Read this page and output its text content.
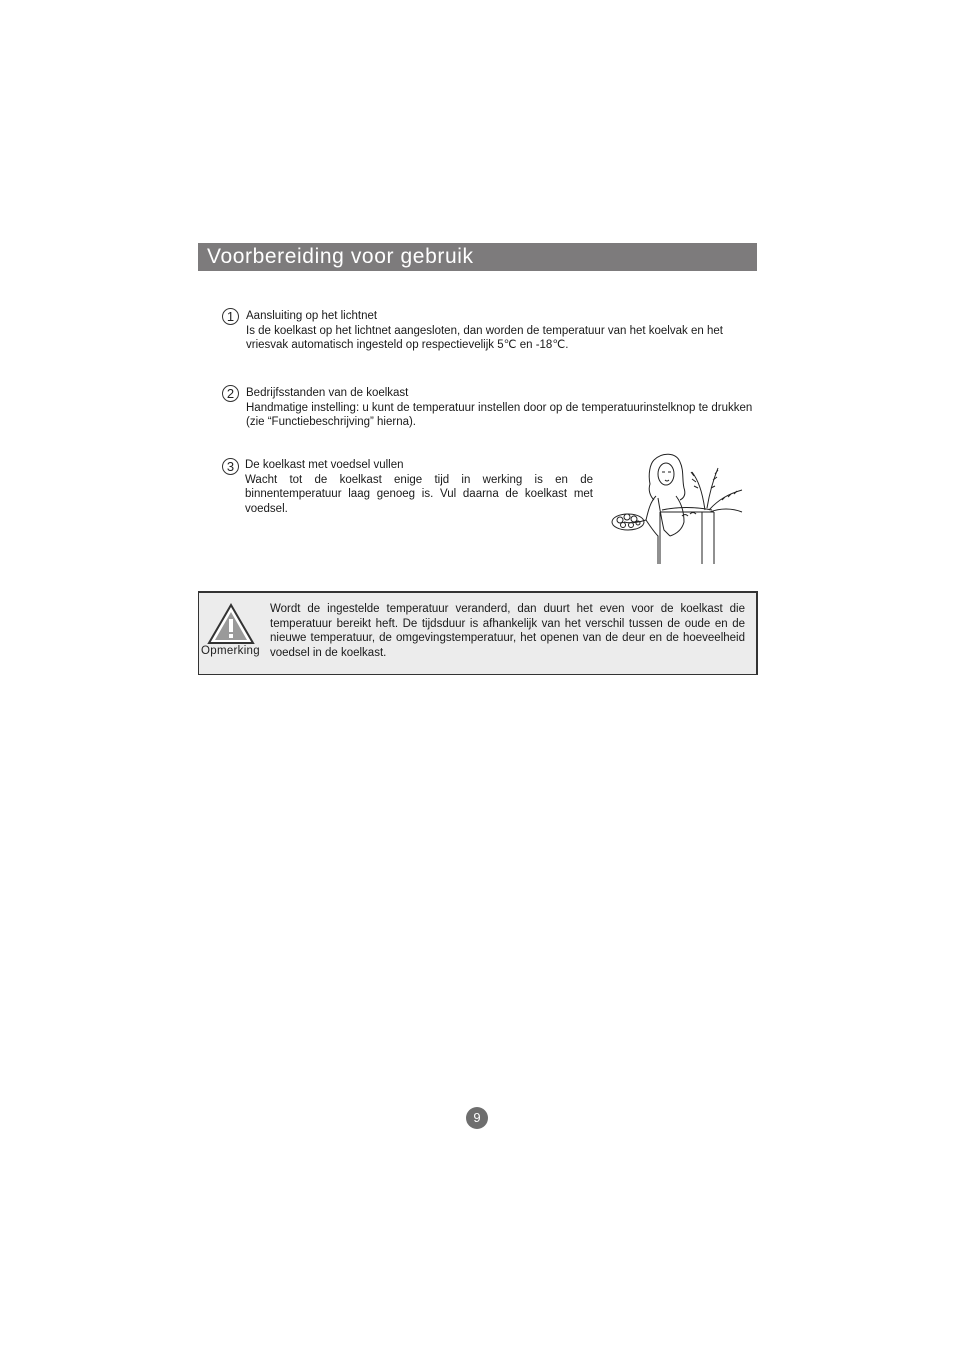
Voorbereiding voor gebruik
1	Aansluiting op het lichtnet
Is de koelkast op het lichtnet aangesloten, dan worden de temperatuur van het koelvak en het vriesvak automatisch ingesteld op respectievelijk 5℃ en -18℃.
2	Bedrijfsstanden van de koelkast
Handmatige instelling: u kunt de temperatuur instellen door op de temperatuurinstelknop te drukken (zie “Functiebeschrijving” hierna).
3 De koelkast met voedsel vullen
Wacht tot de koelkast enige tijd in werking is en de binnentemperatuur laag genoeg is. Vul daarna de koelkast met voedsel.
Opmerking
Wordt de ingestelde temperatuur veranderd, dan duurt het even voor de koelkast die temperatuur bereikt heft. De tijdsduur is afhankelijk van het verschil tussen de oude en de nieuwe temperatuur, de omgevingstemperatuur, het openen van de deur en de hoeveelheid voedsel in de koelkast.
9
